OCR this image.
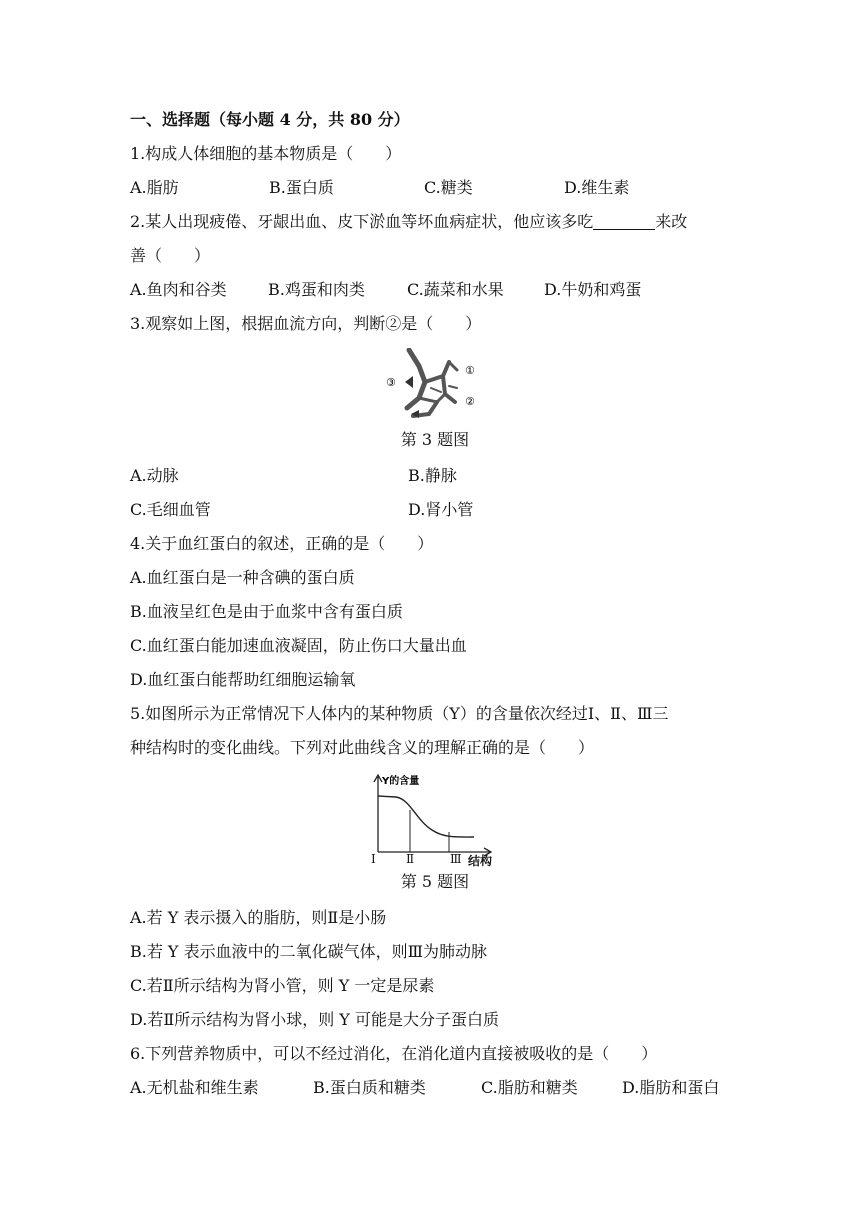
一、选择题（每小题 4 分，共 80 分）
1.构成人体细胞的基本物质是（　　）
A.脂肪	B.蛋白质	C.糖类	D.维生素
2.某人出现疲倦、牙龈出血、皮下淤血等坏血病症状，他应该多吃	来改
善（　　）
A.鱼肉和谷类	B.鸡蛋和肉类	C.蔬菜和水果	D.牛奶和鸡蛋
3.观察如上图，根据血流方向，判断②是（　　）
③
①
②
第 3 题图
A.动脉	B.静脉
C.毛细血管	D.肾小管
4.关于血红蛋白的叙述，正确的是（　　）
A.血红蛋白是一种含碘的蛋白质
B.血液呈红色是由于血浆中含有蛋白质
C.血红蛋白能加速血液凝固，防止伤口大量出血
D.血红蛋白能帮助红细胞运输氧
5.如图所示为正常情况下人体内的某种物质（Y）的含量依次经过Ⅰ、Ⅱ、Ⅲ三
种结构时的变化曲线。下列对此曲线含义的理解正确的是（　　）
Y的含量
Ⅰ	Ⅱ	Ⅲ 结构
第 5 题图
A.若 Y 表示摄入的脂肪，则Ⅱ是小肠
B.若 Y 表示血液中的二氧化碳气体，则Ⅲ为肺动脉
C.若Ⅱ所示结构为肾小管，则 Y 一定是尿素
D.若Ⅱ所示结构为肾小球，则 Y 可能是大分子蛋白质
6.下列营养物质中，可以不经过消化，在消化道内直接被吸收的是（　　）
A.无机盐和维生素	B.蛋白质和糖类	C.脂肪和糖类	D.脂肪和蛋白
